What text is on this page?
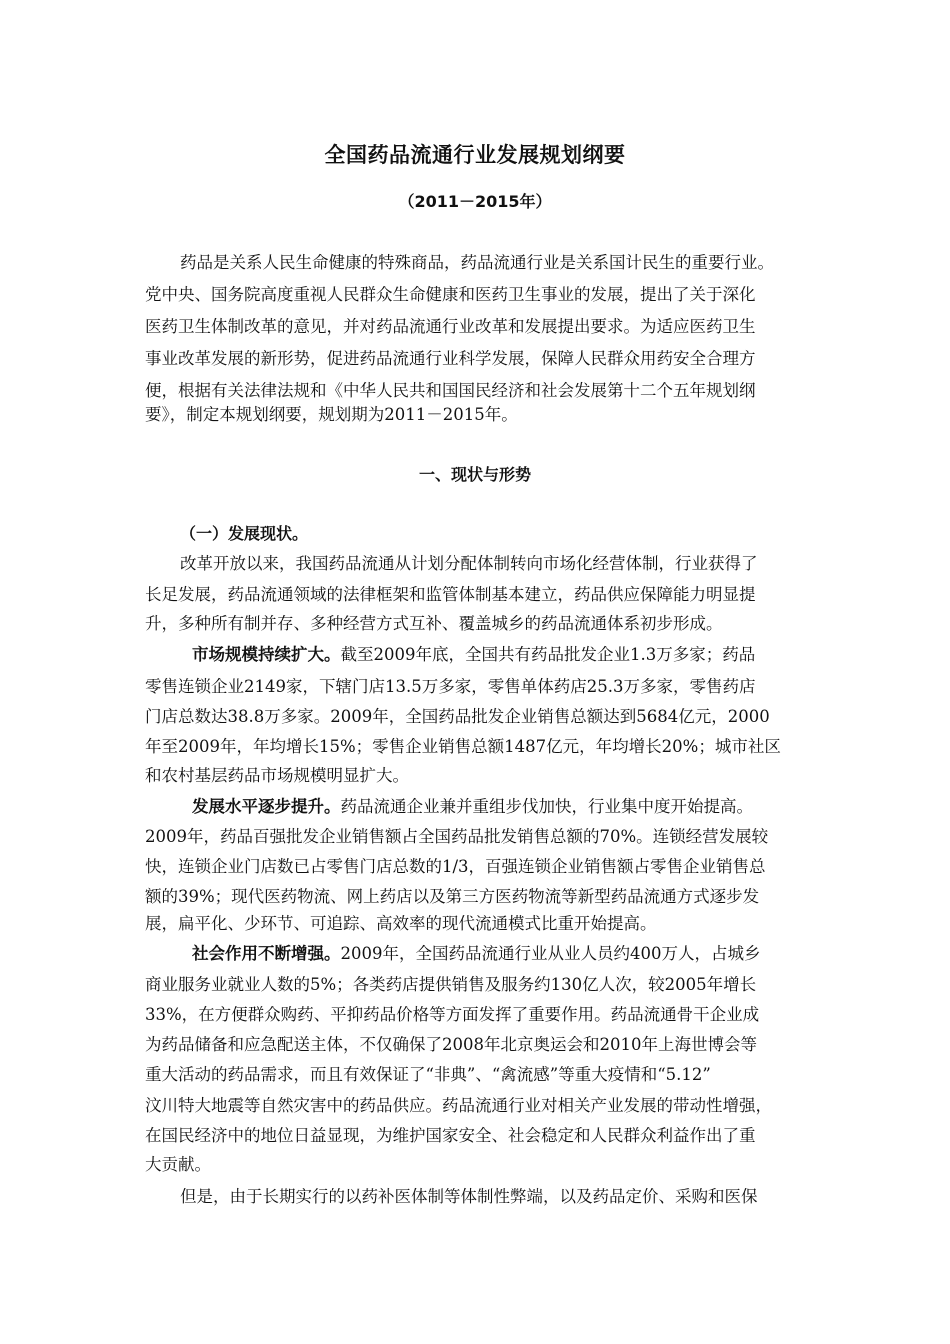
全国药品流通行业发展规划纲要
（2011－2015年）
药品是关系人民生命健康的特殊商品，药品流通行业是关系国计民生的重要行业。
党中央、国务院高度重视人民群众生命健康和医药卫生事业的发展，提出了关于深化
医药卫生体制改革的意见，并对药品流通行业改革和发展提出要求。为适应医药卫生
事业改革发展的新形势，促进药品流通行业科学发展，保障人民群众用药安全合理方
便，根据有关法律法规和《中华人民共和国国民经济和社会发展第十二个五年规划纲
要》，制定本规划纲要，规划期为2011－2015年。
一、现状与形势
（一）发展现状。
改革开放以来，我国药品流通从计划分配体制转向市场化经营体制，行业获得了
长足发展，药品流通领域的法律框架和监管体制基本建立，药品供应保障能力明显提
升，多种所有制并存、多种经营方式互补、覆盖城乡的药品流通体系初步形成。
市场规模持续扩大。截至2009年底，全国共有药品批发企业1.3万多家；药品
零售连锁企业2149家，下辖门店13.5万多家，零售单体药店25.3万多家，零售药店
门店总数达38.8万多家。2009年，全国药品批发企业销售总额达到5684亿元，2000
年至2009年，年均增长15%；零售企业销售总额1487亿元，年均增长20%；城市社区
和农村基层药品市场规模明显扩大。
发展水平逐步提升。药品流通企业兼并重组步伐加快，行业集中度开始提高。
2009年，药品百强批发企业销售额占全国药品批发销售总额的70%。连锁经营发展较
快，连锁企业门店数已占零售门店总数的1/3，百强连锁企业销售额占零售企业销售总
额的39%；现代医药物流、网上药店以及第三方医药物流等新型药品流通方式逐步发
展，扁平化、少环节、可追踪、高效率的现代流通模式比重开始提高。
社会作用不断增强。2009年，全国药品流通行业从业人员约400万人，占城乡
商业服务业就业人数的5%；各类药店提供销售及服务约130亿人次，较2005年增长
33%，在方便群众购药、平抑药品价格等方面发挥了重要作用。药品流通骨干企业成
为药品储备和应急配送主体，不仅确保了2008年北京奥运会和2010年上海世博会等
重大活动的药品需求，而且有效保证了“非典”、“禽流感”等重大疫情和“5.12”
汶川特大地震等自然灾害中的药品供应。药品流通行业对相关产业发展的带动性增强，
在国民经济中的地位日益显现，为维护国家安全、社会稳定和人民群众利益作出了重
大贡献。
但是，由于长期实行的以药补医体制等体制性弊端，以及药品定价、采购和医保
